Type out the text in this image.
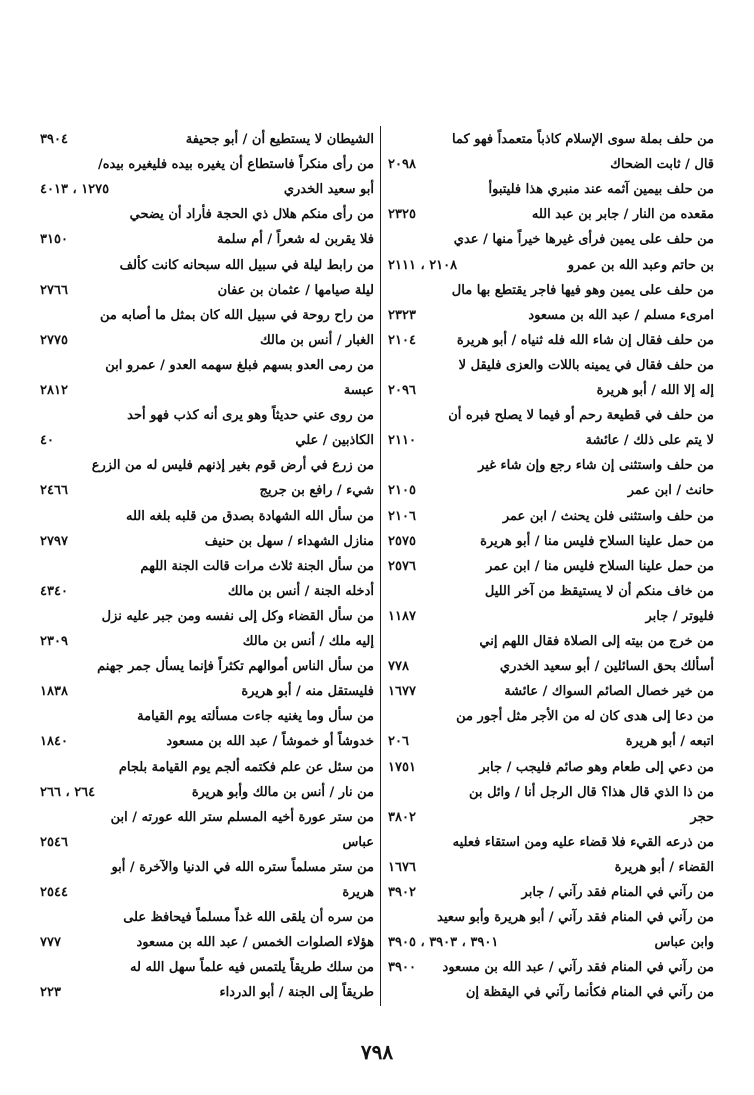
من حلف بملة سوى الإسلام كاذباً متعمداً فهو كما
قال / ثابت الضحاك
٢٠٩٨
من حلف بيمين آثمه عند منبري هذا فليتبوأ
مقعده من النار / جابر بن عبد الله
٢٣٢٥
من حلف على يمين فرأى غيرها خيراً منها / عدي
بن حاتم وعبد الله بن عمرو
٢١٠٨ ، ٢١١١
من حلف على يمين وهو فيها فاجر يقتطع بها مال
امرىء مسلم / عبد الله بن مسعود
٢٣٢٣
من حلف فقال إن شاء الله فله ثنياه / أبو هريرة
٢١٠٤
من حلف فقال في يمينه باللات والعزى فليقل لا
إله إلا الله / أبو هريرة
٢٠٩٦
من حلف في قطيعة رحم أو فيما لا يصلح فبره أن
لا يتم على ذلك / عائشة
٢١١٠
من حلف واستثنى إن شاء رجع وإن شاء غير
حانث / ابن عمر
٢١٠٥
من حلف واستثنى فلن يحنث / ابن عمر
٢١٠٦
من حمل علينا السلاح فليس منا / أبو هريرة
٢٥٧٥
من حمل علينا السلاح فليس منا / ابن عمر
٢٥٧٦
من خاف منكم أن لا يستيقظ من آخر الليل
فليوتر / جابر
١١٨٧
من خرج من بيته إلى الصلاة فقال اللهم إني
أسألك بحق السائلين / أبو سعيد الخدري
٧٧٨
من خير خصال الصائم السواك / عائشة
١٦٧٧
من دعا إلى هدى كان له من الأجر مثل أجور من
اتبعه / أبو هريرة
٢٠٦
من دعي إلى طعام وهو صائم فليجب / جابر
١٧٥١
من ذا الذي قال هذا؟ قال الرجل أنا / وائل بن
حجر
٣٨٠٢
من ذرعه القيء فلا قضاء عليه ومن استقاء فعليه
القضاء / أبو هريرة
١٦٧٦
من رآني في المنام فقد رآني / جابر
٣٩٠٢
من رآني في المنام فقد رآني / أبو هريرة وأبو سعيد
وابن عباس
٣٩٠١ ، ٣٩٠٣ ، ٣٩٠٥
من رآني في المنام فقد رآني / عبد الله بن مسعود
٣٩٠٠
من رآني في المنام فكأنما رآني في اليقظة إن
الشيطان لا يستطيع أن / أبو جحيفة
٣٩٠٤
من رأى منكراً فاستطاع أن يغيره بيده فليغيره بيده/
أبو سعيد الخدري
١٢٧٥ ، ٤٠١٣
من رأى منكم هلال ذي الحجة فأراد أن يضحي
فلا يقربن له شعراً / أم سلمة
٣١٥٠
من رابط ليلة في سبيل الله سبحانه كانت كألف
ليلة صيامها / عثمان بن عفان
٢٧٦٦
من راح روحة في سبيل الله كان بمثل ما أصابه من
الغبار / أنس بن مالك
٢٧٧٥
من رمى العدو بسهم فبلغ سهمه العدو / عمرو ابن
عبسة
٢٨١٢
من روى عني حديثاً وهو يرى أنه كذب فهو أحد
الكاذبين / علي
٤٠
من زرع في أرض قوم بغير إذنهم فليس له من الزرع
شيء / رافع بن جريج
٢٤٦٦
من سأل الله الشهادة بصدق من قلبه بلغه الله
منازل الشهداء / سهل بن حنيف
٢٧٩٧
من سأل الجنة ثلاث مرات قالت الجنة اللهم
أدخله الجنة / أنس بن مالك
٤٣٤٠
من سأل القضاء وكل إلى نفسه ومن جبر عليه نزل
إليه ملك / أنس بن مالك
٢٣٠٩
من سأل الناس أموالهم تكثراً فإنما يسأل جمر جهنم
فليستقل منه / أبو هريرة
١٨٣٨
من سأل وما يغنيه جاءت مسألته يوم القيامة
خدوشاً أو خموشاً / عبد الله بن مسعود
١٨٤٠
من سئل عن علم فكتمه ألجم يوم القيامة بلجام
من نار / أنس بن مالك وأبو هريرة
٢٦٤ ، ٢٦٦
من ستر عورة أخيه المسلم ستر الله عورته / ابن
عباس
٢٥٤٦
من ستر مسلماً ستره الله في الدنيا والآخرة / أبو
هريرة
٢٥٤٤
من سره أن يلقى الله غداً مسلماً فيحافظ على
هؤلاء الصلوات الخمس / عبد الله بن مسعود
٧٧٧
من سلك طريقاً يلتمس فيه علماً سهل الله له
طريقاً إلى الجنة / أبو الدرداء
٢٢٣
٧٩٨
